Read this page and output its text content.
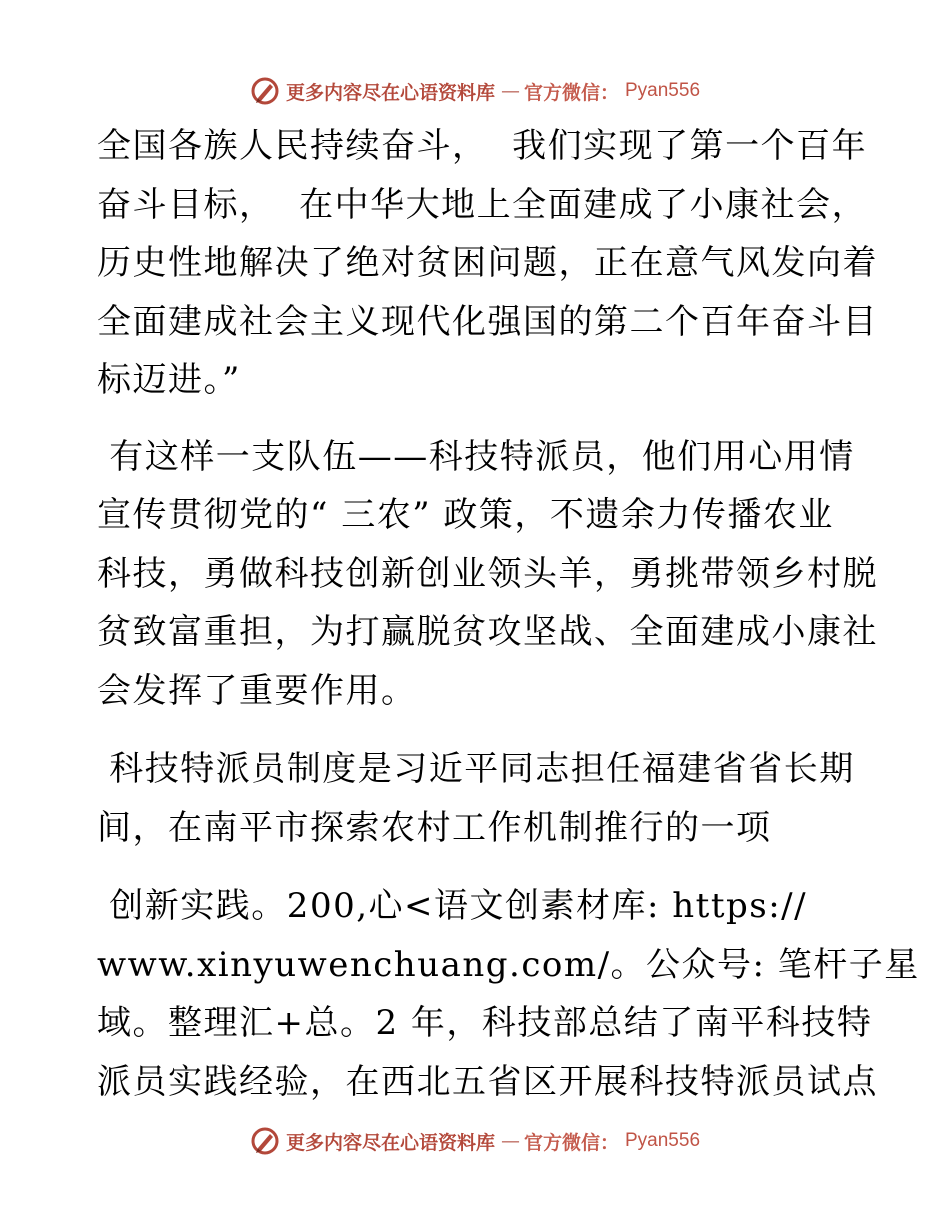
更多内容尽在心语资料库 — 官方微信： Pyan556

全国各族人民持续奋斗，  我们实现了第一个百年
奋斗目标，  在中华大地上全面建成了小康社会，
历史性地解决了绝对贫困问题，正在意气风发向着
全面建成社会主义现代化强国的第二个百年奋斗目
标迈进。”

有这样一支队伍——科技特派员，他们用心用情
宣传贯彻党的“ 三农” 政策，不遗余力传播农业
科技，勇做科技创新创业领头羊，勇挑带领乡村脱
贫致富重担，为打赢脱贫攻坚战、全面建成小康社
会发挥了重要作用。

科技特派员制度是习近平同志担任福建省省长期
间，在南平市探索农村工作机制推行的一项

创新实践。200,心<语文创素材库: https://
www.xinyuwenchuang.com/。公众号: 笔杆子星
域。整理汇+总。2 年，科技部总结了南平科技特
派员实践经验，在西北五省区开展科技特派员试点

更多内容尽在心语资料库 — 官方微信： Pyan556
